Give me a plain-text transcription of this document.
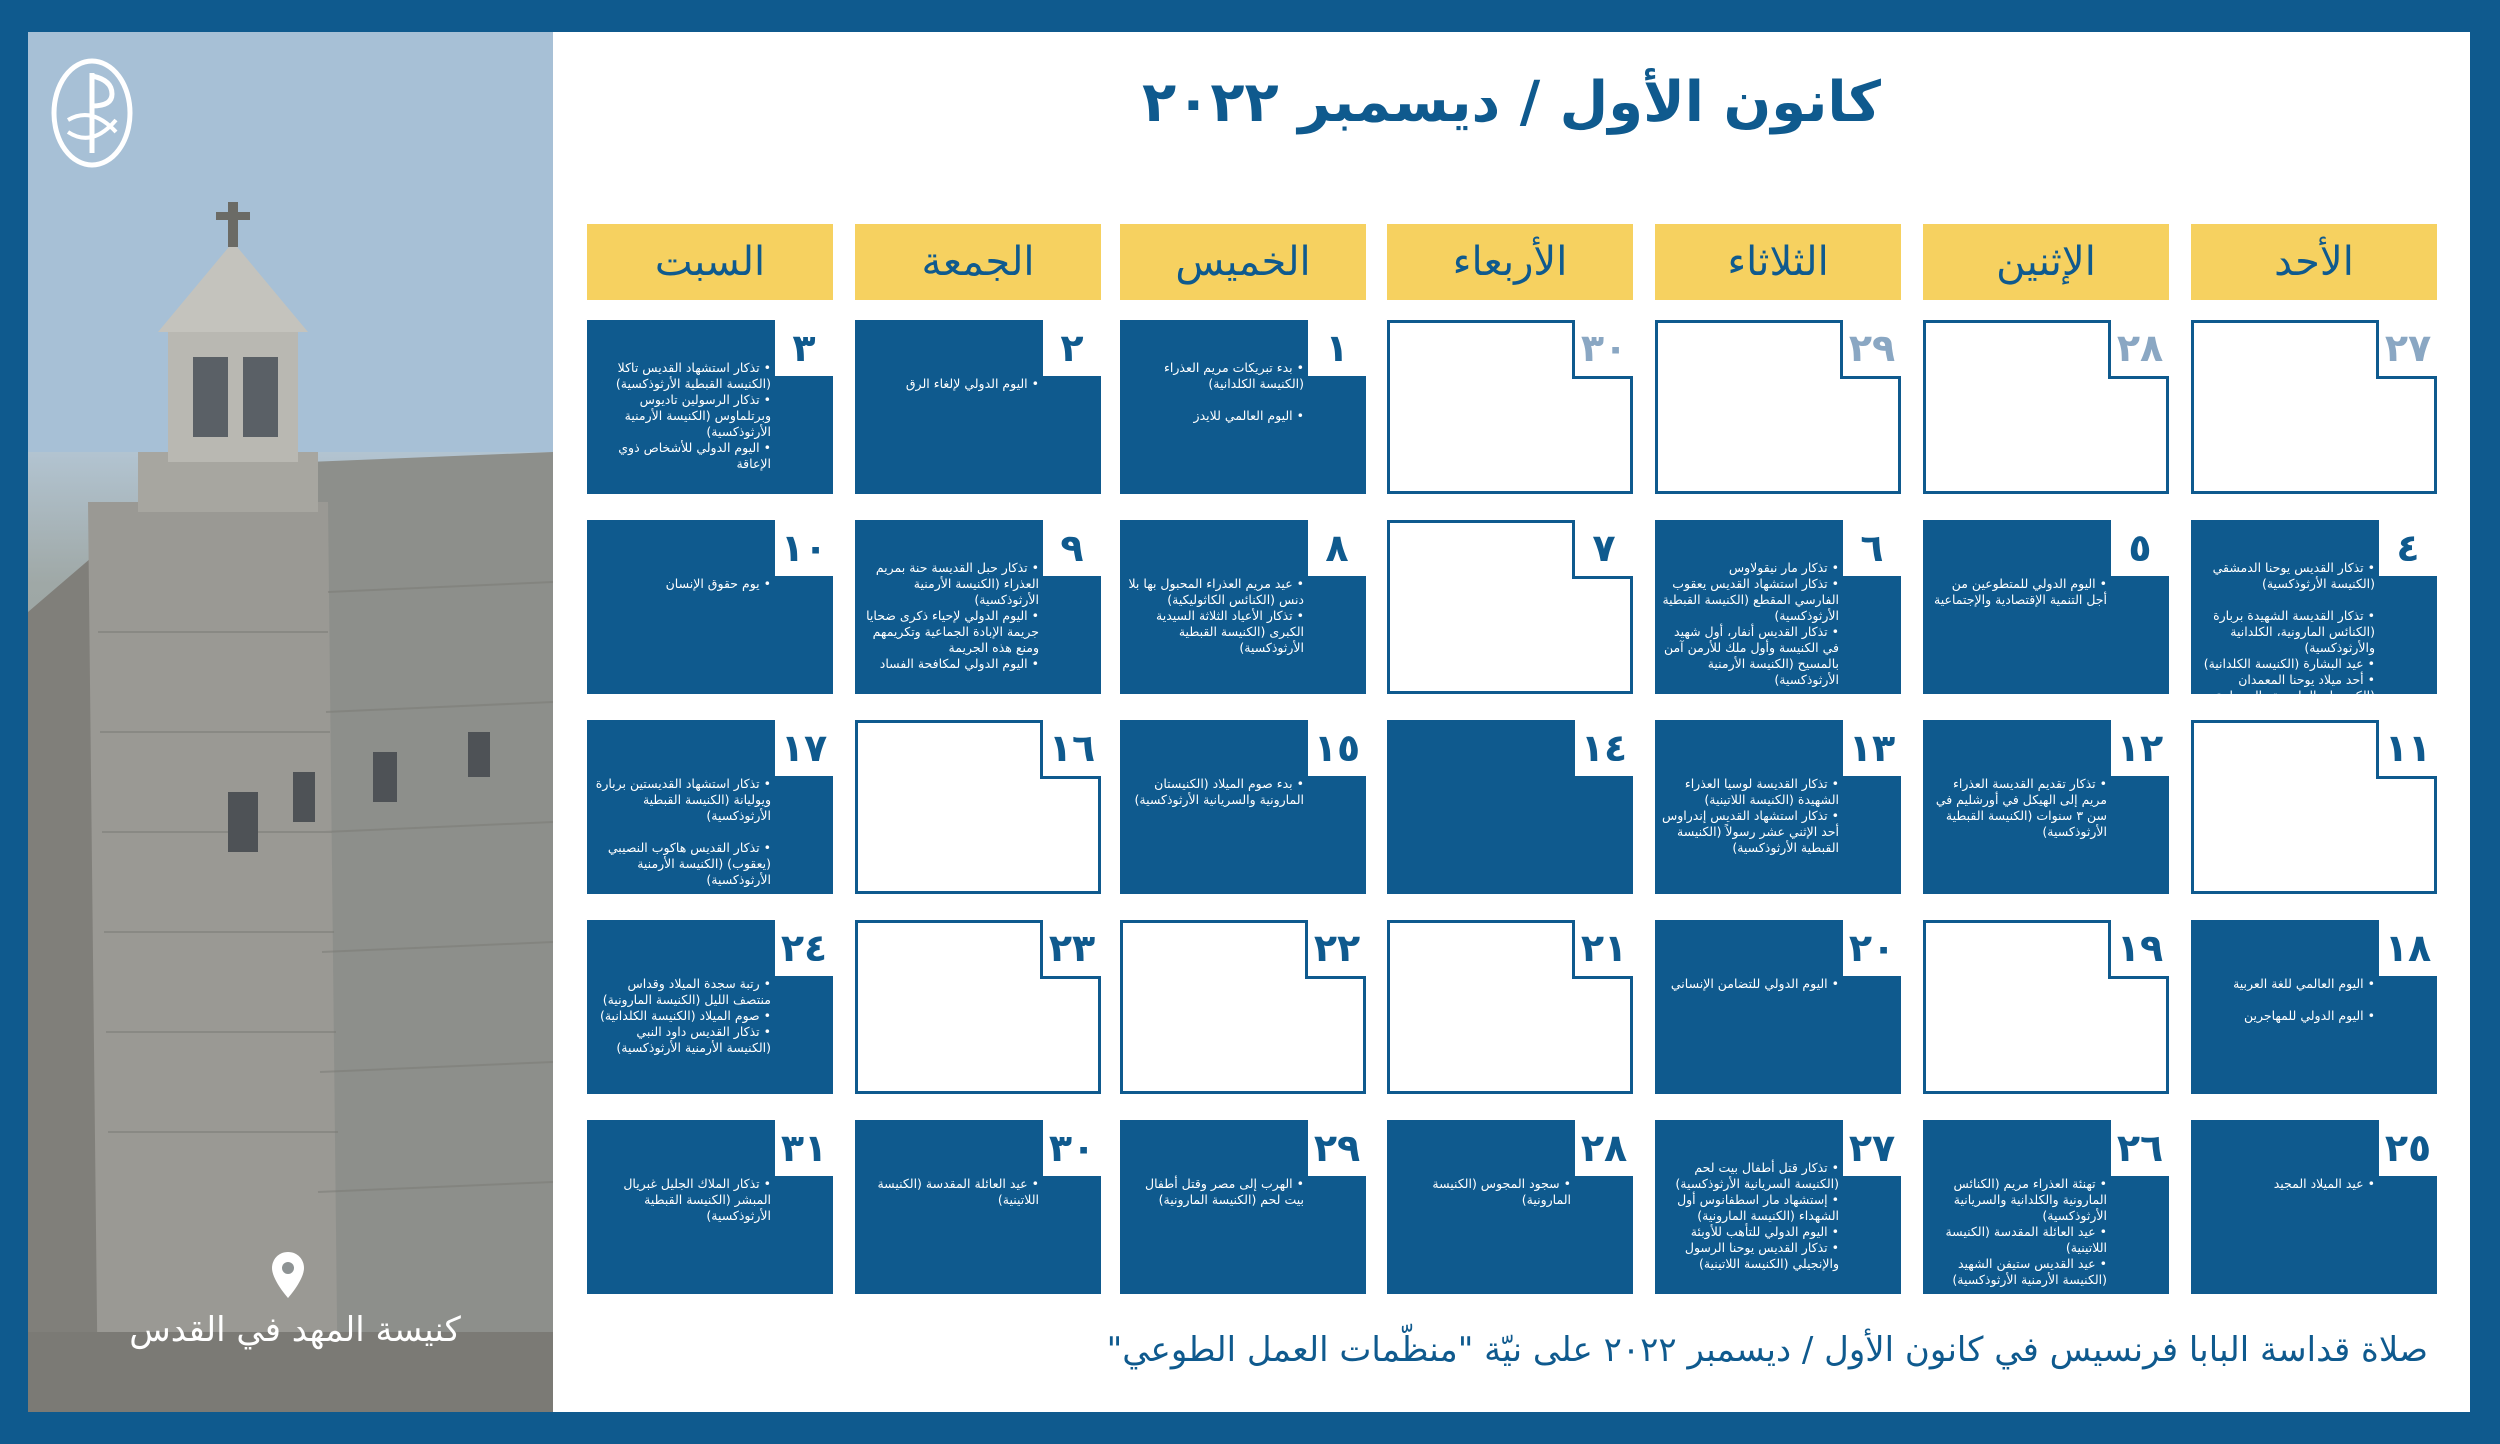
كنيسة المهد في القدس
كانون الأول / ديسمبر ٢٠٢٢
الأحد
الإثنين
الثلاثاء
الأربعاء
الخميس
الجمعة
السبت
٢٧
٢٨
٢٩
٣٠
١
• بدء تبريكات مريم العذراء (الكنيسة الكلدانية)

• اليوم العالمي للايدز
٢

• اليوم الدولي لإلغاء الرق
٣
• تذكار استشهاد القديس تاكلا (الكنيسة القبطية الأرثوذكسية)
• تذكار الرسولين تاديوس وبرتلماوس (الكنيسة الأرمنية الأرثوذكسية)
• اليوم الدولي للأشخاص ذوي الإعاقة
٤
• تذكار القديس يوحنا الدمشقي (الكنيسة الأرثوذكسية)

• تذكار القديسة الشهيدة بربارة (الكنائس المارونية، الكلدانية والأرثوذكسية)
• عيد البشارة (الكنيسة الكلدانية)
• أحد ميلاد يوحنا المعمدان (الكنيستان المارونية والسريانية الأرثوذكسية)
٥

• اليوم الدولي للمتطوعين من أجل التنمية الإقتصادية والإجتماعية
٦
• تذكار مار نيقولاوس
• تذكار استشهاد القديس يعقوب الفارسي المقطع (الكنيسة القبطية الأرثوذكسية)
• تذكار القديس أنفار، أول شهيد في الكنيسة وأول ملك للأرمن آمن بالمسيح (الكنيسة الأرمنية الأرثوذكسية)
٧
٨

• عيد مريم العذراء المحبول بها بلا دنس (الكنائس الكاثوليكية)
• تذكار الأعياد الثلاثة السيدية الكبرى (الكنيسة القبطية الأرثوذكسية)
٩
• تذكار حبل القديسة حنة بمريم العذراء (الكنيسة الأرمنية الأرثوذكسية)
• اليوم الدولي لإحياء ذكرى ضحايا جريمة الإبادة الجماعية وتكريمهم ومنع هذه الجريمة
• اليوم الدولي لمكافحة الفساد
١٠

• يوم حقوق الإنسان
١١
١٢

• تذكار تقديم القديسة العذراء مريم إلى الهيكل في أورشليم في سن ٣ سنوات (الكنيسة القبطية الأرثوذكسية)
١٣

• تذكار القديسة لوسيا العذراء الشهيدة (الكنيسة اللاتينية)
• تذكار استشهاد القديس إندراوس أحد الإثني عشر رسولاً (الكنيسة القبطية الأرثوذكسية)
١٤
١٥

• بدء صوم الميلاد (الكنيستان المارونية والسريانية الأرثوذكسية)
١٦
١٧

• تذكار استشهاد القديستين بربارة ويوليانة (الكنيسة القبطية الأرثوذكسية)

• تذكار القديس هاكوب النصيبي (يعقوب) (الكنيسة الأرمنية الأرثوذكسية)
١٨

• اليوم العالمي للغة العربية

• اليوم الدولي للمهاجرين
١٩
٢٠

• اليوم الدولي للتضامن الإنساني
٢١
٢٢
٢٣
٢٤

• رتبة سجدة الميلاد وقداس منتصف الليل (الكنيسة المارونية)
• صوم الميلاد (الكنيسة الكلدانية)
• تذكار القديس داود النبي (الكنيسة الأرمنية الأرثوذكسية)
٢٥

• عيد الميلاد المجيد
٢٦

• تهنئة العذراء مريم (الكنائس المارونية والكلدانية والسريانية الأرثوذكسية)
• عيد العائلة المقدسة (الكنيسة اللاتينية)
• عيد القديس ستيفن الشهيد (الكنيسة الأرمنية الأرثوذكسية)
٢٧
• تذكار قتل أطفال بيت لحم (الكنيسة السريانية الأرثوذكسية)
• إستشهاد مار اسطفانوس أول الشهداء (الكنيسة المارونية)
• اليوم الدولي للتأهب للأوبئة
• تذكار القديس يوحنا الرسول والإنجيلي (الكنيسة اللاتينية)
٢٨

• سجود المجوس (الكنيسة المارونية)
٢٩

• الهرب إلى مصر وقتل أطفال بيت لحم (الكنيسة المارونية)
٣٠

• عيد العائلة المقدسة (الكنيسة اللاتينية)
٣١

• تذكار الملاك الجليل غبريال المبشر (الكنيسة القبطية الأرثوذكسية)
صلاة قداسة البابا فرنسيس في كانون الأول / ديسمبر ٢٠٢٢ على نيّة "منظّمات العمل الطوعي"
